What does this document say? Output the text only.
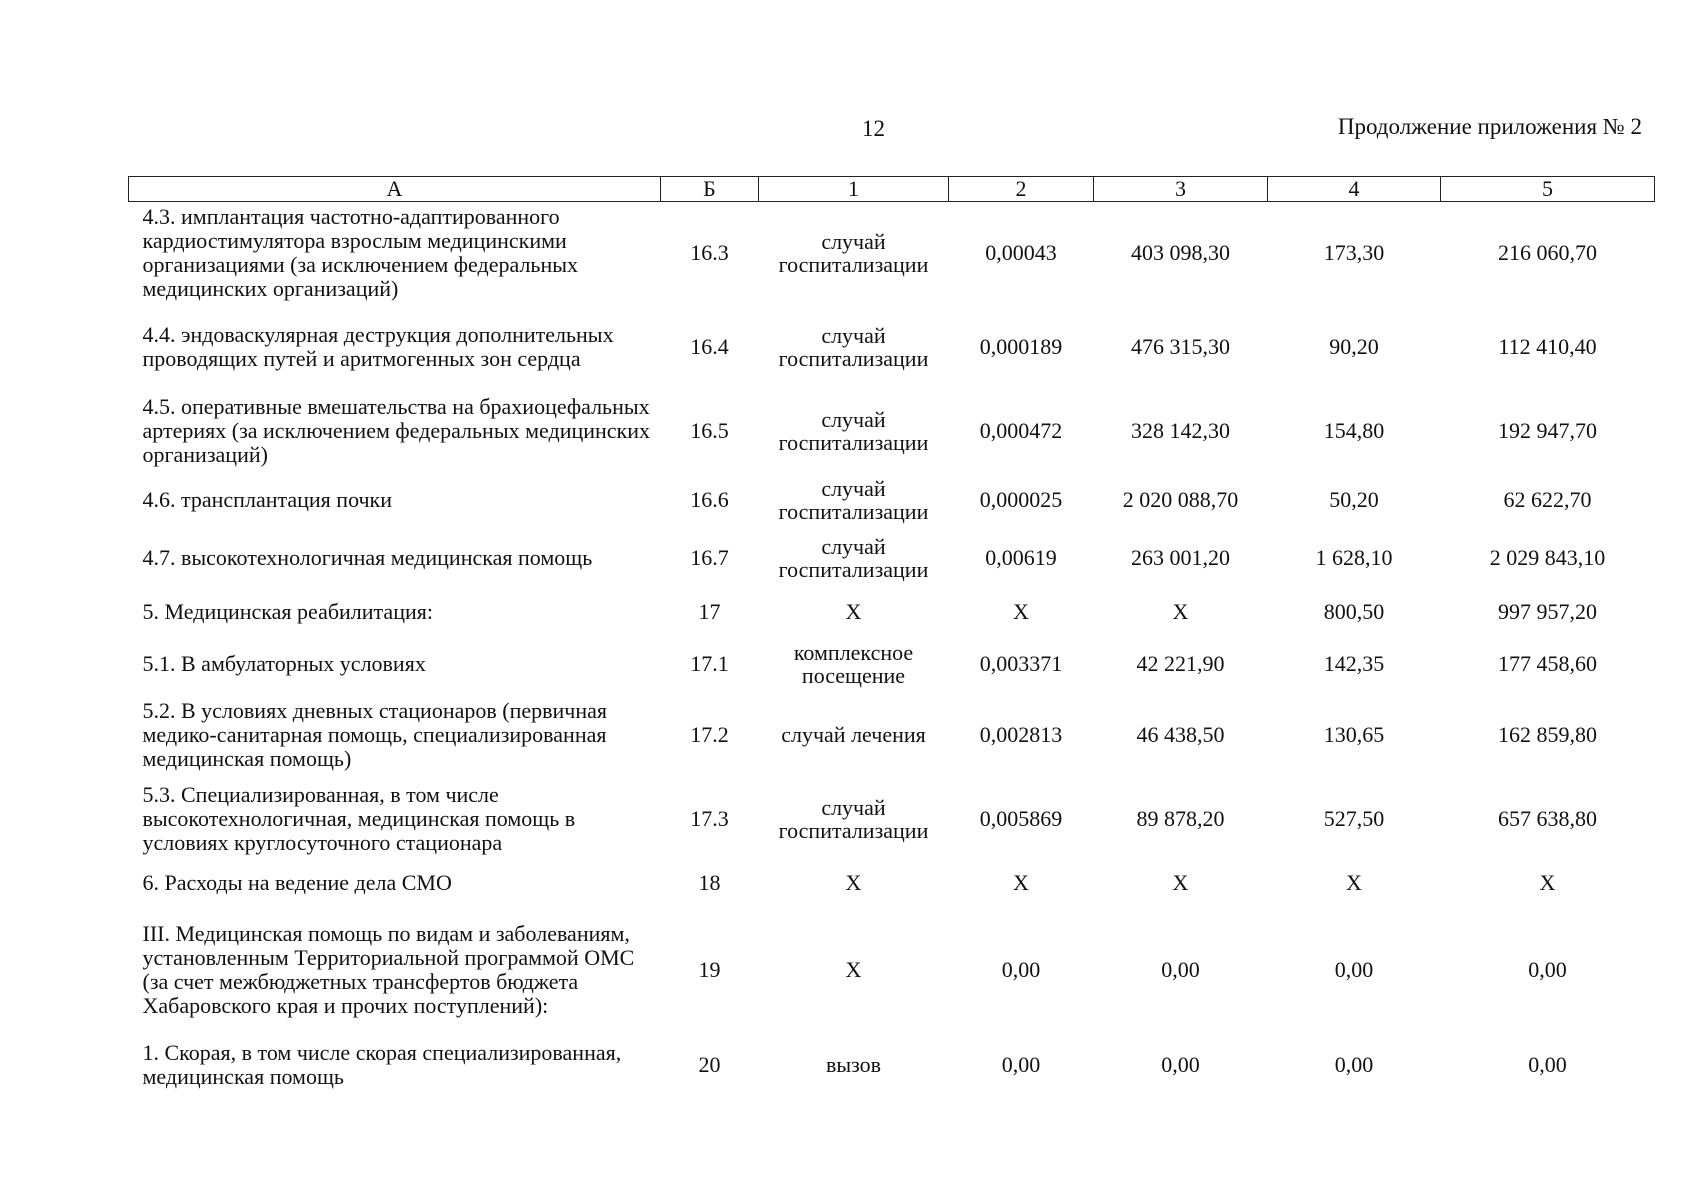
12	Продолжение приложения № 2
А	Б	1	2	3	4	5
4.3. имплантация частотно-адаптированного кардиостимулятора взрослым медицинскими организациями (за исключением федеральных медицинских организаций)	16.3	случай госпитализации	0,00043	403 098,30	173,30	216 060,70
4.4. эндоваскулярная деструкция дополнительных проводящих путей и аритмогенных зон сердца	16.4	случай госпитализации	0,000189	476 315,30	90,20	112 410,40
4.5. оперативные вмешательства на брахиоцефальных артериях (за исключением федеральных медицинских организаций)	16.5	случай госпитализации	0,000472	328 142,30	154,80	192 947,70
4.6. трансплантация почки	16.6	случай госпитализации	0,000025	2 020 088,70	50,20	62 622,70
4.7. высокотехнологичная медицинская помощь	16.7	случай госпитализации	0,00619	263 001,20	1 628,10	2 029 843,10
5. Медицинская реабилитация:	17	Х	Х	Х	800,50	997 957,20
5.1. В амбулаторных условиях	17.1	комплексное посещение	0,003371	42 221,90	142,35	177 458,60
5.2. В условиях дневных стационаров (первичная медико-санитарная помощь, специализированная медицинская помощь)	17.2	случай лечения	0,002813	46 438,50	130,65	162 859,80
5.3. Специализированная, в том числе высокотехнологичная, медицинская помощь в условиях круглосуточного стационара	17.3	случай госпитализации	0,005869	89 878,20	527,50	657 638,80
6. Расходы на ведение дела СМО	18	Х	Х	Х	Х	Х
III. Медицинская помощь по видам и заболеваниям, установленным Территориальной программой ОМС (за счет межбюджетных трансфертов бюджета Хабаровского края и прочих поступлений):	19	Х	0,00	0,00	0,00	0,00
1. Скорая, в том числе скорая специализированная, медицинская помощь	20	вызов	0,00	0,00	0,00	0,00
